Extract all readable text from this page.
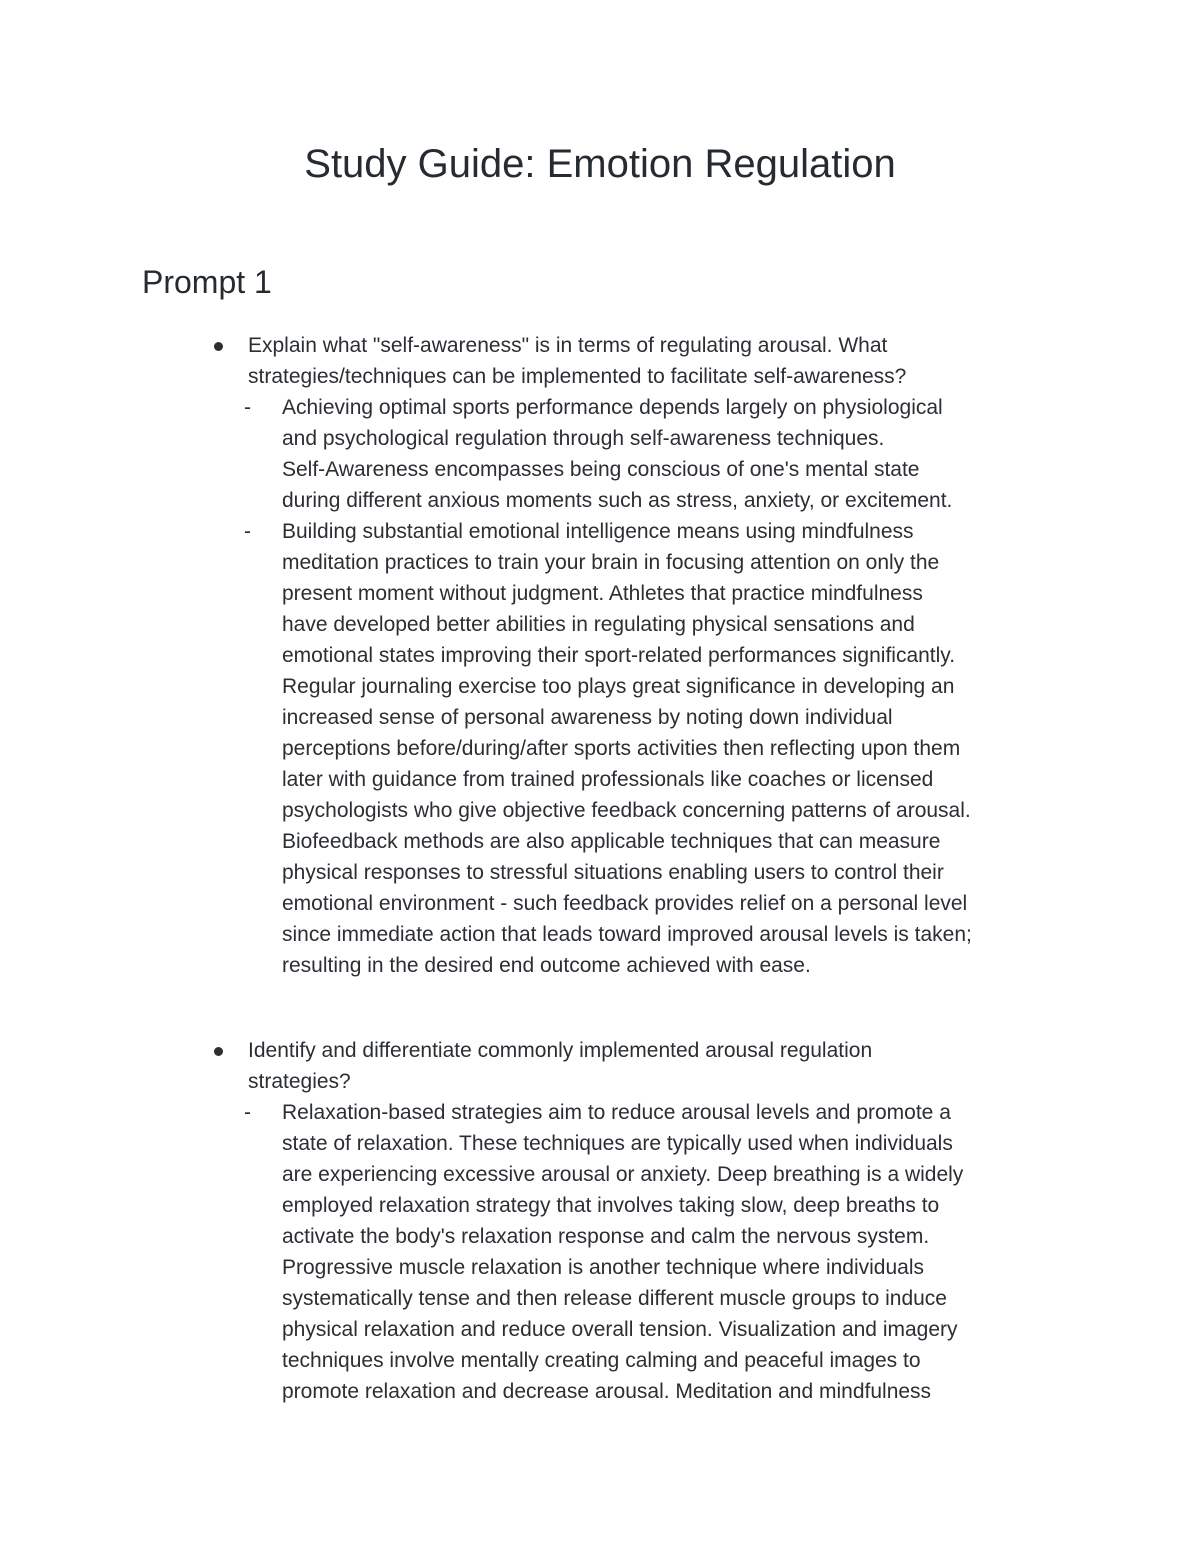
Study Guide: Emotion Regulation
Prompt 1
Explain what "self-awareness" is in terms of regulating arousal. What
strategies/techniques can be implemented to facilitate self-awareness?
- Achieving optimal sports performance depends largely on physiological
and psychological regulation through self-awareness techniques.
Self-Awareness encompasses being conscious of one's mental state
during different anxious moments such as stress, anxiety, or excitement.
- Building substantial emotional intelligence means using mindfulness
meditation practices to train your brain in focusing attention on only the
present moment without judgment. Athletes that practice mindfulness
have developed better abilities in regulating physical sensations and
emotional states improving their sport-related performances significantly.
Regular journaling exercise too plays great significance in developing an
increased sense of personal awareness by noting down individual
perceptions before/during/after sports activities then reflecting upon them
later with guidance from trained professionals like coaches or licensed
psychologists who give objective feedback concerning patterns of arousal.
Biofeedback methods are also applicable techniques that can measure
physical responses to stressful situations enabling users to control their
emotional environment - such feedback provides relief on a personal level
since immediate action that leads toward improved arousal levels is taken;
resulting in the desired end outcome achieved with ease.
Identify and differentiate commonly implemented arousal regulation
strategies?
- Relaxation-based strategies aim to reduce arousal levels and promote a
state of relaxation. These techniques are typically used when individuals
are experiencing excessive arousal or anxiety. Deep breathing is a widely
employed relaxation strategy that involves taking slow, deep breaths to
activate the body's relaxation response and calm the nervous system.
Progressive muscle relaxation is another technique where individuals
systematically tense and then release different muscle groups to induce
physical relaxation and reduce overall tension. Visualization and imagery
techniques involve mentally creating calming and peaceful images to
promote relaxation and decrease arousal. Meditation and mindfulness
